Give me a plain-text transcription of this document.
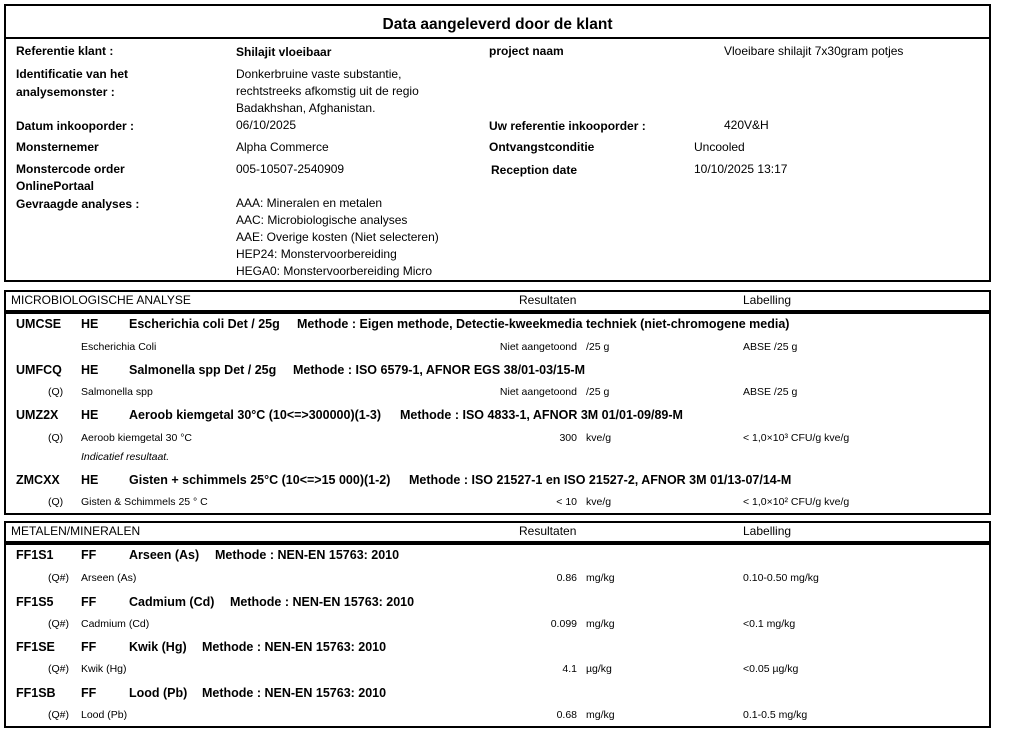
Data aangeleverd door de klant
Referentie klant :	Shilajit vloeibaar	project naam	Vloeibare shilajit 7x30gram potjes
Identificatie van het
analysemonster :
Donkerbruine vaste substantie,
rechtstreeks afkomstig uit de regio
Badakhshan, Afghanistan.
Datum inkooporder :	06/10/2025	Uw referentie inkooporder :	420V&H
Monsternemer	Alpha Commerce	Ontvangstconditie	Uncooled
Monstercode order
OnlinePortaal
005-10507-2540909	Reception date	10/10/2025 13:17
Gevraagde analyses :	AAA: Mineralen en metalen
AAC: Microbiologische analyses
AAE: Overige kosten (Niet selecteren)
HEP24: Monstervoorbereiding
HEGA0: Monstervoorbereiding Micro
MICROBIOLOGISCHE ANALYSE	Resultaten	Labelling
UMCSE HE Escherichia coli Det / 25g Methode : Eigen methode, Detectie-kweekmedia techniek (niet-chromogene media)
Escherichia Coli	Niet aangetoond /25 g	ABSE /25 g
UMFCQ HE Salmonella spp Det / 25g Methode : ISO 6579-1, AFNOR EGS 38/01-03/15-M
(Q) Salmonella spp	Niet aangetoond /25 g	ABSE /25 g
UMZ2X HE Aeroob kiemgetal 30°C (10<=>300000)(1-3) Methode : ISO 4833-1, AFNOR 3M 01/01-09/89-M
(Q) Aeroob kiemgetal 30 °C	300 kve/g	< 1,0×10³ CFU/g kve/g
Indicatief resultaat.
ZMCXX HE Gisten + schimmels 25°C (10<=>15 000)(1-2) Methode : ISO 21527-1 en ISO 21527-2, AFNOR 3M 01/13-07/14-M
(Q) Gisten & Schimmels 25 ° C	< 10 kve/g	< 1,0×10² CFU/g kve/g
METALEN/MINERALEN	Resultaten	Labelling
FF1S1 FF	Arseen (As) Methode : NEN-EN 15763: 2010
(Q#) Arseen (As)	0.86 mg/kg	0.10-0.50 mg/kg
FF1S5 FF	Cadmium (Cd) Methode : NEN-EN 15763: 2010
(Q#) Cadmium (Cd)	0.099 mg/kg	<0.1 mg/kg
FF1SE FF	Kwik (Hg) Methode : NEN-EN 15763: 2010
(Q#) Kwik (Hg)	4.1 µg/kg	<0.05 µg/kg
FF1SB FF	Lood (Pb) Methode : NEN-EN 15763: 2010
(Q#) Lood (Pb)	0.68 mg/kg	0.1-0.5 mg/kg
